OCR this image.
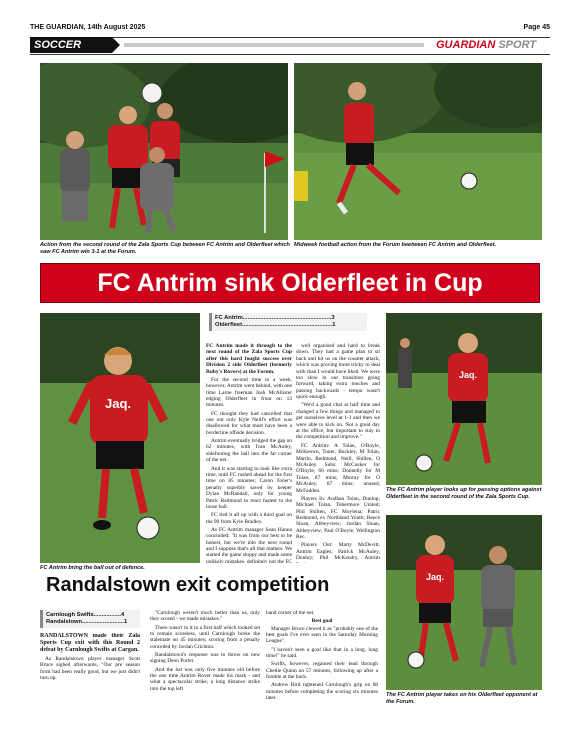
THE GUARDIAN, 14th August 2025	Page 45
SOCCER	GUARDIAN SPORT
Action from the second round of the Zala Sports Cup between FC Antrim and Olderfleet which saw FC Antrim win 3-1 at the Forum.
Midweek football action from the Forum beetween FC Antrim and Olderfleet.
FC Antrim sink Olderfleet in Cup
Jaq.
FC Antrim bring the ball out of defence.
FC Antrim.......................................................3
Olderfleet........................................................1

FC Antrim made it through to the next round of the Zala Sports Cup after this hard fought success over Division 2 side Olderfleet (formerly Ruby's Rovers) at the Forum.

For the second time in a week, however, Antrim went behind, with one time Larne freeman Josh McAllister edging Olderfleet in front on 13 minutes.

FC thought they had cancelled that one out only Kyle Neill's effort was disallowed for what must have been a borderline offside decision.

Antrim eventually bridged the gap on 62 minutes, with Ivan McAuley, sidefooting the ball into the far corner of the net.

And it was starting to look like extra time, until FC rushed ahead for the first time on 85 minutes; Caron Toner's penalty superbly saved by keeper Dylan McRandall, only for young Patric Redmond to react fastest to the loose ball.

FC tied it all up with a third goal on the 90 from Kyle Bradley.

As FC Antrim manager Sean Hanna concluded: "It was from our best to be honest, but we're into the next round and I suppose that's all that matters. We started the game sloppy and made some unlikely mistakes, definitely not the FC

well organised and hard to break down. They had a game plan to sit back and hit us on the counter attack, which was proving more tricky to deal with than I would have liked. We were too slow in our transition going forward, taking extra touches and passing backwards - tempo wasn't quick enough.

"We'd a good chat at half time and changed a few things and managed to get ourselves level at 1-1 and then we were able to kick on. Not a great day at the office, but important to stay in the competition and improve."

FC Antrim: A Tolan, O'Boyle, McKeown, Toner, Buckley, M Tolan, Martin, Redmond, Neill, Shillen, O McAuley. Subs: McCusker for O'Boyle, 66 mins; Donnelly for M Tolan, 87 mins; Murray for O McAuley, 87 mins; unused, McFadden.

Players In: Aodhan Tolan, Dunlop; Michael Tolan, Tobermore United; Phil Shillen, FC Moylena; Patric Redmond, ex Northland Youth; Reece Sloan, Abbeyview; Jordan Sloan, Abbeyview; Paul O'Boyle, Wellington Rec.

Players Out: Marty McDevitt, Antrim Eagles; Patrick McAuley, Dunloy; Phil McKendry, Antrim

Jaq.
The FC Antrim player looks up for passing options against Olderfleet in the second round of the Zala Sports Cup.
Jaq.
The FC Antrim player takes on his Olderfleet opponent at the Forum.
Randalstown exit competition
Carnlough Swifts.................4
Randalstown..........................1

RANDALSTOWN made their Zala Sports Cup exit with this Round 2 defeat by Carnlough Swifts at Cargan.

As Randalstown player manager Scott Bruce sighed afterwards, "Our pre season form had been really good, but we just didn't turn up.

"Carnlough weren't much better than us, only they scored - we made mistakes."

There wasn't in it in a first half which looked set to remain scoreless, until Carnlough broke the stalemate on 45 minutes; scoring from a penalty conceded by Jordan Crichton.

Randalstown's response was to throw on new signing Deon Porter.

And the hat was only five minutes old before the one time Antrim Rover made his mark - and what a spectacular strike, a long distance strike into the top left

hand corner of the net.

Best goal

Manager Bruce clewed it as "probably one of the best goals I've ever seen in the Saturday Morning League".

"I haven't seen a goal like that in a long, long time!" he said.

Swifts, however, regained their lead through Chedie Quinn on 57 minutes, following up after a fumble at the back.

Andrew Bird tightened Carnlough's grip on 68 minutes before completing the scoring six minutes later.
